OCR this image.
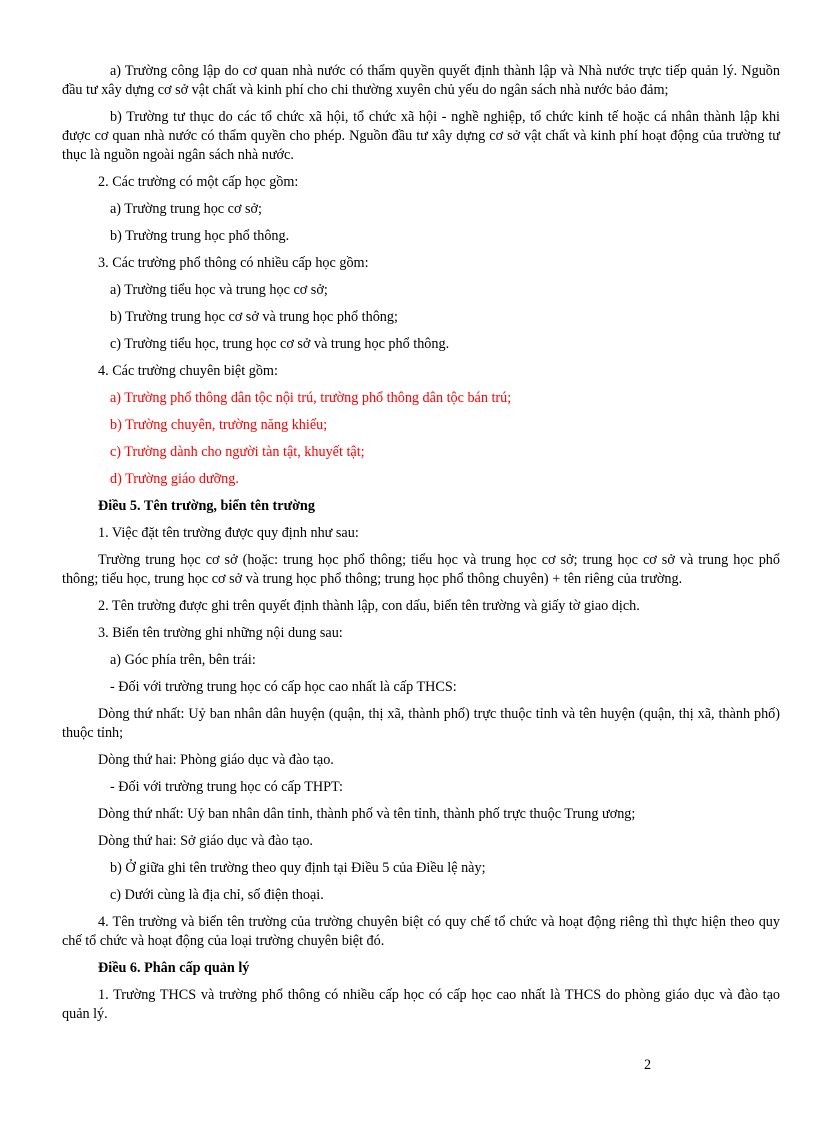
a) Trường công lập do cơ quan nhà nước có thẩm quyền quyết định thành lập và Nhà nước trực tiếp quản lý. Nguồn đầu tư xây dựng cơ sở vật chất và kinh phí cho chi thường xuyên chủ yếu do ngân sách nhà nước bảo đảm;

b) Trường tư thục do các tổ chức xã hội, tổ chức xã hội - nghề nghiệp, tổ chức kinh tế hoặc cá nhân thành lập khi được cơ quan nhà nước có thẩm quyền cho phép. Nguồn đầu tư xây dựng cơ sở vật chất và kinh phí hoạt động của trường tư thục là nguồn ngoài ngân sách nhà nước.

2. Các trường có một cấp học gồm:

a) Trường trung học cơ sở;

b) Trường trung học phổ thông.

3. Các trường phổ thông có nhiều cấp học gồm:

a) Trường tiểu học và trung học cơ sở;

b) Trường trung học cơ sở và trung học phổ thông;

c) Trường tiểu học, trung học cơ sở và trung học phổ thông.

4. Các trường chuyên biệt gồm:

a) Trường phổ thông dân tộc nội trú, trường phổ thông dân tộc bán trú;

b) Trường chuyên, trường năng khiếu;

c) Trường dành cho người tàn tật, khuyết tật;

d) Trường giáo dưỡng.

Điều 5. Tên trường, biển tên trường

1. Việc đặt tên trường được quy định như sau:

Trường trung học cơ sở (hoặc: trung học phổ thông; tiểu học và trung học cơ sở; trung học cơ sở và trung học phổ thông; tiểu học, trung học cơ sở và trung học phổ thông; trung học phổ thông chuyên) + tên riêng của trường.

2. Tên trường được ghi trên quyết định thành lập, con dấu, biển tên trường và giấy tờ giao dịch.

3. Biển tên trường ghi những nội dung sau:

a) Góc phía trên, bên trái:

- Đối với trường trung học có cấp học cao nhất là cấp THCS:

Dòng thứ nhất: Uỷ ban nhân dân huyện (quận, thị xã, thành phố) trực thuộc tỉnh và tên huyện (quận, thị xã, thành phố) thuộc tỉnh;

Dòng thứ hai: Phòng giáo dục và đào tạo.

- Đối với trường trung học có cấp THPT:

Dòng thứ nhất: Uỷ ban nhân dân tỉnh, thành phố và tên tỉnh, thành phố trực thuộc Trung ương;

Dòng thứ hai: Sở giáo dục và đào tạo.

b) Ở giữa ghi tên trường theo quy định tại Điều 5 của Điều lệ này;

c) Dưới cùng là địa chỉ, số điện thoại.

4. Tên trường và biển tên trường của trường chuyên biệt có quy chế tổ chức và hoạt động riêng thì thực hiện theo quy chế tổ chức và hoạt động của loại trường chuyên biệt đó.

Điều 6. Phân cấp quản lý

1. Trường THCS và trường phổ thông có nhiều cấp học có cấp học cao nhất là THCS do phòng giáo dục và đào tạo quản lý.

2
